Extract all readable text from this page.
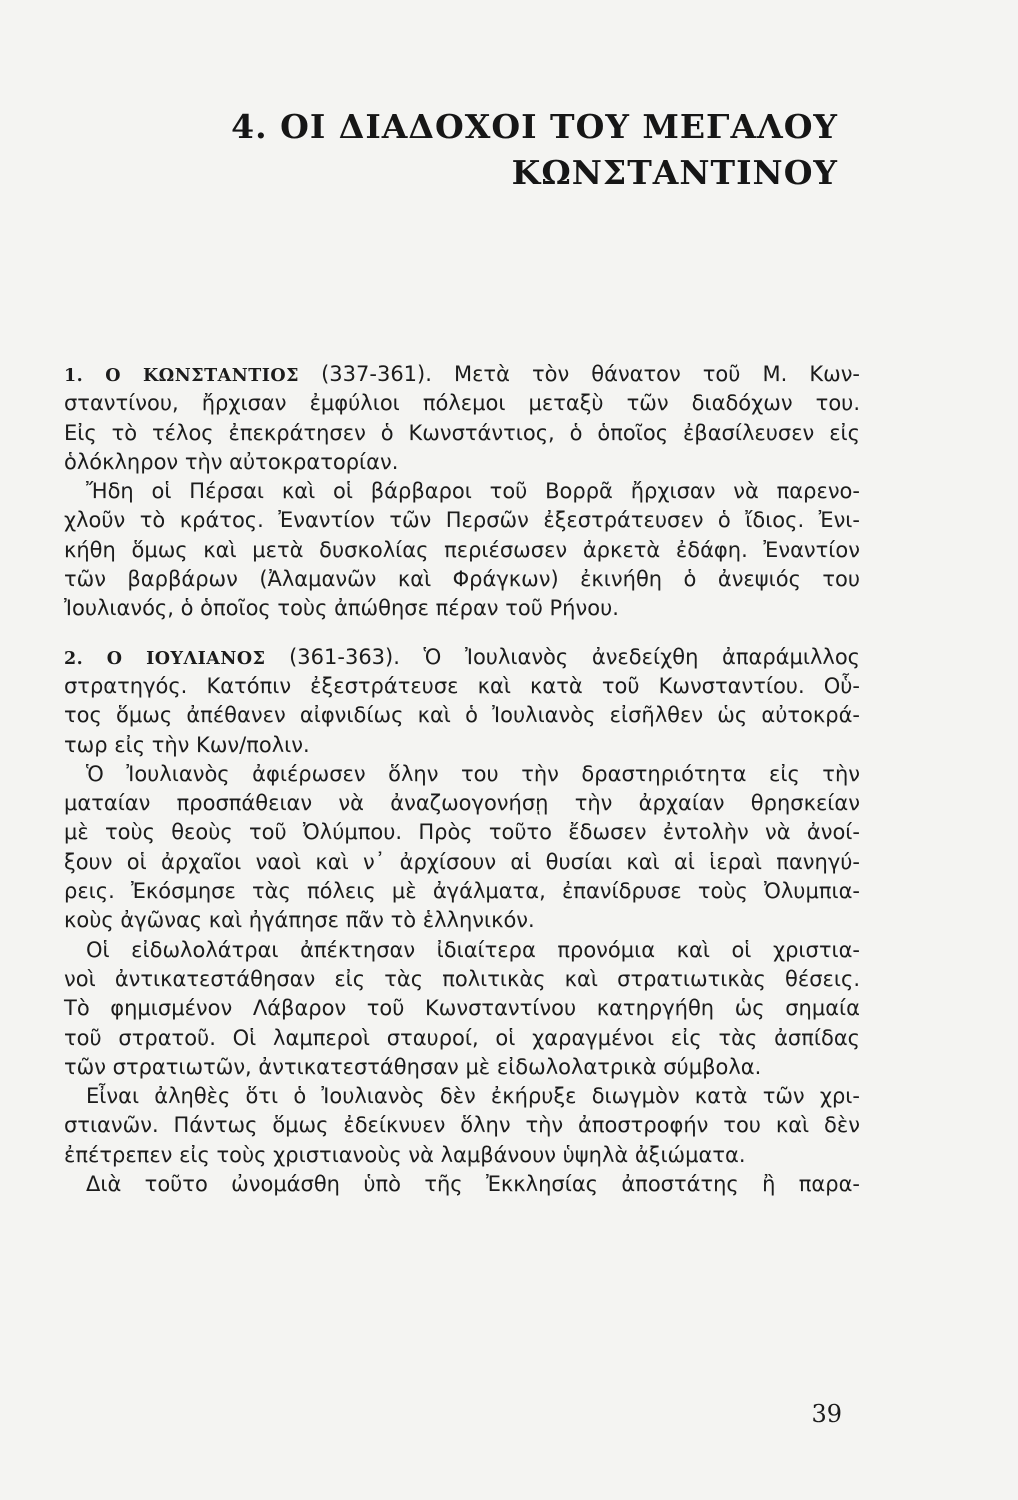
4. ΟΙ ΔΙΑΔΟΧΟΙ ΤΟΥ ΜΕΓΑΛΟΥ
ΚΩΝΣΤΑΝΤΙΝΟΥ
1. Ο ΚΩΝΣΤΑΝΤΙΟΣ (337-361). Μετὰ τὸν θάνατον τοῦ Μ. Κων-
σταντίνου, ἤρχισαν ἐμφύλιοι πόλεμοι μεταξὺ τῶν διαδόχων του.
Εἰς τὸ τέλος ἐπεκράτησεν ὁ Κωνστάντιος, ὁ ὁποῖος ἐβασίλευσεν εἰς
ὁλόκληρον τὴν αὐτοκρατορίαν.
Ἤδη οἱ Πέρσαι καὶ οἱ βάρβαροι τοῦ Βορρᾶ ἤρχισαν νὰ παρενο-
χλοῦν τὸ κράτος. Ἐναντίον τῶν Περσῶν ἐξεστράτευσεν ὁ ἴδιος. Ἐνι-
κήθη ὅμως καὶ μετὰ δυσκολίας περιέσωσεν ἀρκετὰ ἐδάφη. Ἐναντίον
τῶν βαρβάρων (Ἀλαμανῶν καὶ Φράγκων) ἐκινήθη ὁ ἀνεψιός του
Ἰουλιανός, ὁ ὁποῖος τοὺς ἀπώθησε πέραν τοῦ Ρήνου.
2. Ο ΙΟΥΛΙΑΝΟΣ (361-363). Ὁ Ἰουλιανὸς ἀνεδείχθη ἀπαράμιλλος
στρατηγός. Κατόπιν ἐξεστράτευσε καὶ κατὰ τοῦ Κωνσταντίου. Οὗ-
τος ὅμως ἀπέθανεν αἰφνιδίως καὶ ὁ Ἰουλιανὸς εἰσῆλθεν ὡς αὐτοκρά-
τωρ εἰς τὴν Κων/πολιν.
Ὁ Ἰουλιανὸς ἀφιέρωσεν ὅλην του τὴν δραστηριότητα εἰς τὴν
ματαίαν προσπάθειαν νὰ ἀναζωογονήσῃ τὴν ἀρχαίαν θρησκείαν
μὲ τοὺς θεοὺς τοῦ Ὀλύμπου. Πρὸς τοῦτο ἔδωσεν ἐντολὴν νὰ ἀνοί-
ξουν οἱ ἀρχαῖοι ναοὶ καὶ ν᾽ ἀρχίσουν αἱ θυσίαι καὶ αἱ ἱεραὶ πανηγύ-
ρεις. Ἐκόσμησε τὰς πόλεις μὲ ἀγάλματα, ἐπανίδρυσε τοὺς Ὀλυμπια-
κοὺς ἀγῶνας καὶ ἠγάπησε πᾶν τὸ ἑλληνικόν.
Οἱ εἰδωλολάτραι ἀπέκτησαν ἰδιαίτερα προνόμια καὶ οἱ χριστια-
νοὶ ἀντικατεστάθησαν εἰς τὰς πολιτικὰς καὶ στρατιωτικὰς θέσεις.
Τὸ φημισμένον Λάβαρον τοῦ Κωνσταντίνου κατηργήθη ὡς σημαία
τοῦ στρατοῦ. Οἱ λαμπεροὶ σταυροί, οἱ χαραγμένοι εἰς τὰς ἀσπίδας
τῶν στρατιωτῶν, ἀντικατεστάθησαν μὲ εἰδωλολατρικὰ σύμβολα.
Εἶναι ἀληθὲς ὅτι ὁ Ἰουλιανὸς δὲν ἐκήρυξε διωγμὸν κατὰ τῶν χρι-
στιανῶν. Πάντως ὅμως ἐδείκνυεν ὅλην τὴν ἀποστροφήν του καὶ δὲν
ἐπέτρεπεν εἰς τοὺς χριστιανοὺς νὰ λαμβάνουν ὑψηλὰ ἀξιώματα.
Διὰ τοῦτο ὠνομάσθη ὑπὸ τῆς Ἐκκλησίας ἀποστάτης ἢ παρα-
39
